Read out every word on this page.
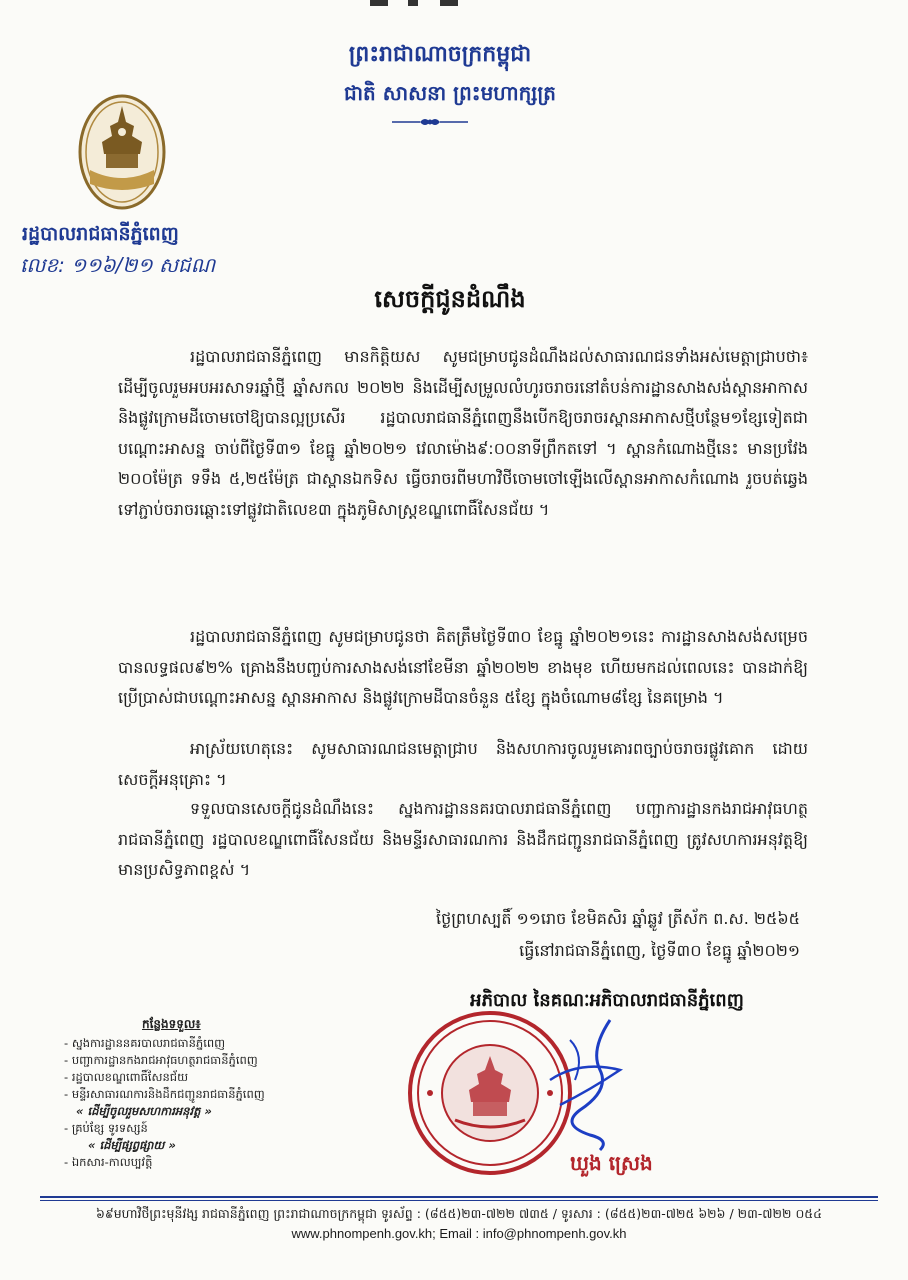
ព្រះរាជាណាចក្រកម្ពុជា
ជាតិ សាសនា ព្រះមហាក្សត្រ
រដ្ឋបាលរាជធានីភ្នំពេញ
លេខ: ១១៦/២១ សជណ
សេចក្តីជូនដំណឹង
រដ្ឋបាលរាជធានីភ្នំពេញ មានកិត្តិយស សូមជម្រាបជូនដំណឹងដល់សាធារណជនទាំងអស់មេត្តាជ្រាបថា៖ ដើម្បីចូលរួមអបអរសាទរឆ្នាំថ្មី ឆ្នាំសកល ២០២២ និងដើម្បីសម្រួលលំហូរចរាចរនៅតំបន់ការដ្ឋានសាងសង់ស្ពានអាកាស និងផ្លូវក្រោមដីចោមចៅឱ្យបានល្អប្រសើរ រដ្ឋបាលរាជធានីភ្នំពេញនឹងបើកឱ្យចរាចរស្ពានអាកាសថ្មីបន្ថែម១ខ្សែទៀតជាបណ្តោះអាសន្ន ចាប់ពីថ្ងៃទី៣១ ខែធ្នូ ឆ្នាំ២០២១ វេលាម៉ោង៩:០០នាទីព្រឹកតទៅ ។ ស្ពានកំណោងថ្មីនេះ មានប្រវែង ២០០ម៉ែត្រ ទទឹង ៥,២៥ម៉ែត្រ ជាស្ពានឯកទិស ធ្វើចរាចរពីមហាវិថីចោមចៅឡើងលើស្ពានអាកាសកំណោង រួចបត់ឆ្វេងទៅភ្ជាប់ចរាចរឆ្ពោះទៅផ្លូវជាតិលេខ៣ ក្នុងភូមិសាស្ត្រខណ្ឌពោធិ៍សែនជ័យ ។
រដ្ឋបាលរាជធានីភ្នំពេញ សូមជម្រាបជូនថា គិតត្រឹមថ្ងៃទី៣០ ខែធ្នូ ឆ្នាំ២០២១នេះ ការដ្ឋានសាងសង់សម្រេចបានលទ្ធផល៩២% គ្រោងនឹងបញ្ចប់ការសាងសង់នៅខែមីនា ឆ្នាំ២០២២ ខាងមុខ ហើយមកដល់ពេលនេះ បានដាក់ឱ្យប្រើប្រាស់ជាបណ្តោះអាសន្ន ស្ពានអាកាស និងផ្លូវក្រោមដីបានចំនួន ៥ខ្សែ ក្នុងចំណោម៨ខ្សែ នៃគម្រោង ។
អាស្រ័យហេតុនេះ សូមសាធារណជនមេត្តាជ្រាប និងសហការចូលរួមគោរពច្បាប់ចរាចរផ្លូវគោក ដោយសេចក្តីអនុគ្រោះ ។
ទទួលបានសេចក្តីជូនដំណឹងនេះ ស្នងការដ្ឋាននគរបាលរាជធានីភ្នំពេញ បញ្ជាការដ្ឋានកងរាជអាវុធហត្ថរាជធានីភ្នំពេញ រដ្ឋបាលខណ្ឌពោធិ៍សែនជ័យ និងមន្ទីរសាធារណការ និងដឹកជញ្ជូនរាជធានីភ្នំពេញ ត្រូវសហការអនុវត្តឱ្យមានប្រសិទ្ធភាពខ្ពស់ ។
ថ្ងៃព្រហស្បតិ៍ ១១រោច ខែមិគសិរ ឆ្នាំឆ្លូវ ត្រីស័ក ព.ស. ២៥៦៥
ធ្វើនៅរាជធានីភ្នំពេញ, ថ្ងៃទី៣០ ខែធ្នូ ឆ្នាំ២០២១
អភិបាល នៃគណៈអភិបាលរាជធានីភ្នំពេញ
ឃួង ស្រេង
កន្លែងទទួល៖
- ស្នងការដ្ឋាននគរបាលរាជធានីភ្នំពេញ
- បញ្ជាការដ្ឋានកងរាជអាវុធហត្ថរាជធានីភ្នំពេញ
- រដ្ឋបាលខណ្ឌពោធិ៍សែនជ័យ
- មន្ទីរសាធារណការនិងដឹកជញ្ជូនរាជធានីភ្នំពេញ
« ដើម្បីចូលរួមសហការអនុវត្ត »
- គ្រប់ខ្សែ ទូរទស្សន៍
« ដើម្បីផ្សព្វផ្សាយ »
- ឯកសារ-កាលប្បវត្តិ
៦៩មហាវិថីព្រះមុនីវង្ស រាជធានីភ្នំពេញ ព្រះរាជាណាចក្រកម្ពុជា ទូរស័ព្ទ : (៨៥៥)២៣-៧២២ ៧៣៥ / ទូរសារ : (៨៥៥)២៣-៧២៥ ៦២៦ / ២៣-៧២២ ០៥៤
www.phnompenh.gov.kh; Email : info@phnompenh.gov.kh
